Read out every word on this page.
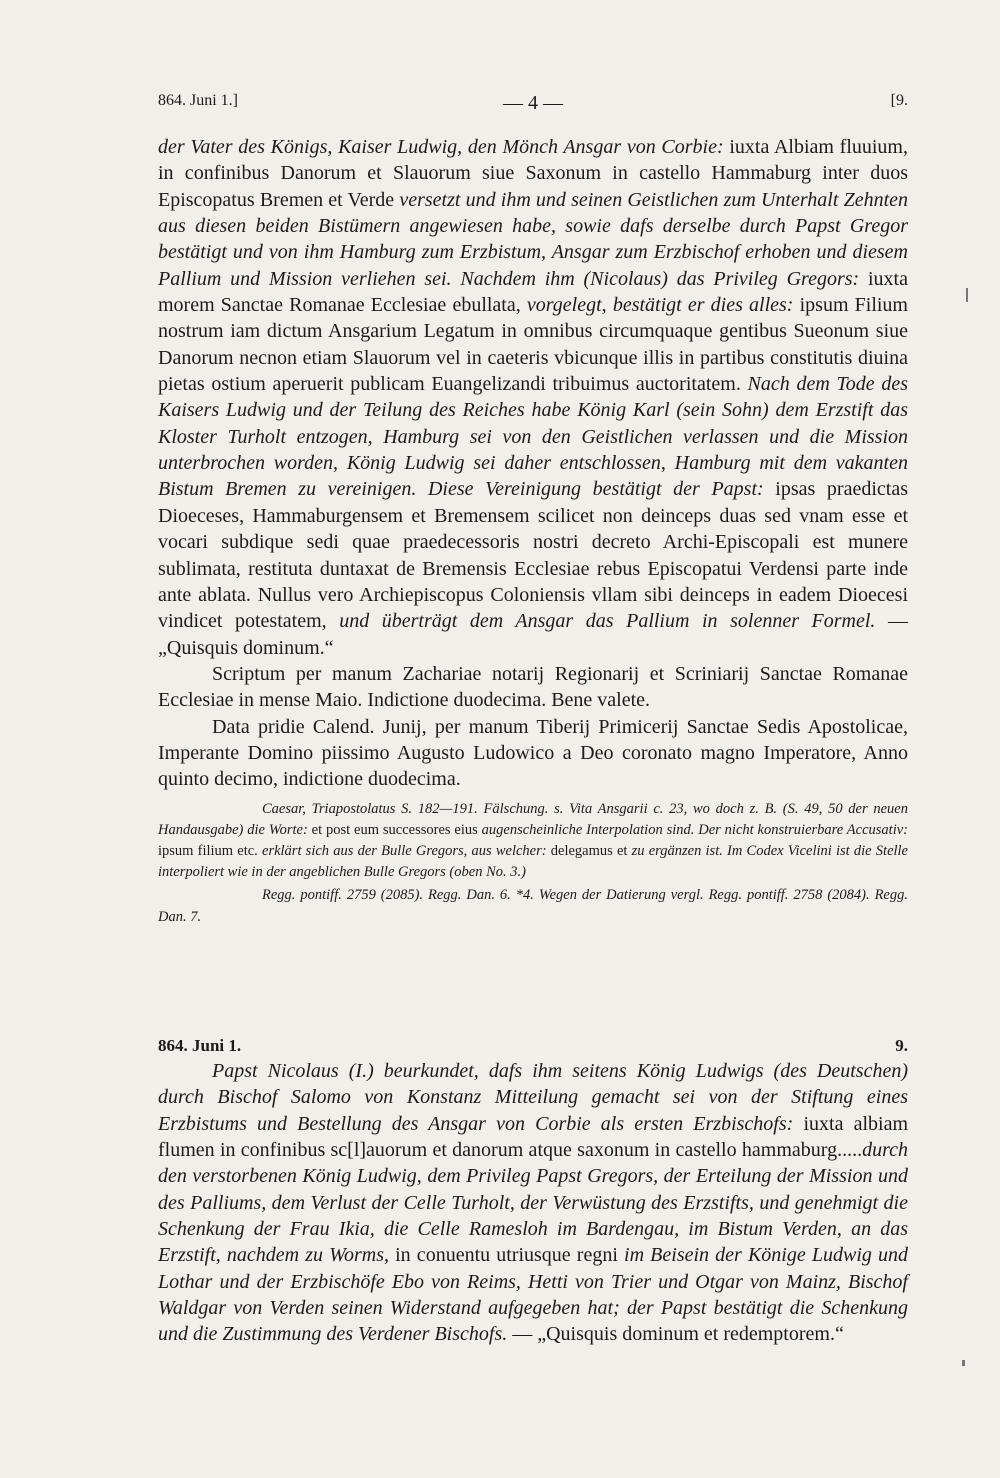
864. Juni 1.]	— 4 —	[9.

der Vater des Königs, Kaiser Ludwig, den Mönch Ansgar von Corbie: iuxta Albiam fluuium, in confinibus Danorum et Slauorum siue Saxonum in castello Hammaburg inter duos Episcopatus Bremen et Verde versetzt und ihm und seinen Geistlichen zum Unterhalt Zehnten aus diesen beiden Bistümern angewiesen habe, sowie dafs derselbe durch Papst Gregor bestätigt und von ihm Hamburg zum Erzbistum, Ansgar zum Erzbischof erhoben und diesem Pallium und Mission verliehen sei. Nachdem ihm (Nicolaus) das Privileg Gregors: iuxta morem Sanctae Romanae Ecclesiae ebullata, vorgelegt, bestätigt er dies alles: ipsum Filium nostrum iam dictum Ansgarium Legatum in omnibus circumquaque gentibus Sueonum siue Danorum necnon etiam Slauorum vel in caeteris vbicunque illis in partibus constitutis diuina pietas ostium aperuerit publicam Euangelizandi tribuimus auctoritatem. Nach dem Tode des Kaisers Ludwig und der Teilung des Reiches habe König Karl (sein Sohn) dem Erzstift das Kloster Turholt entzogen, Hamburg sei von den Geistlichen verlassen und die Mission unterbrochen worden, König Ludwig sei daher entschlossen, Hamburg mit dem vakanten Bistum Bremen zu vereinigen. Diese Vereinigung bestätigt der Papst: ipsas praedictas Dioeceses, Hammaburgensem et Bremensem scilicet non deinceps duas sed vnam esse et vocari subdique sedi quae praedecessoris nostri decreto Archi-Episcopali est munere sublimata, restituta duntaxat de Bremensis Ecclesiae rebus Episcopatui Verdensi parte inde ante ablata. Nullus vero Archiepiscopus Coloniensis vllam sibi deinceps in eadem Dioecesi vindicet potestatem, und überträgt dem Ansgar das Pallium in solenner Formel. — „Quisquis dominum.“

Scriptum per manum Zachariae notarij Regionarij et Scriniarij Sanctae Romanae Ecclesiae in mense Maio. Indictione duodecima. Bene valete.

Data pridie Calend. Junij, per manum Tiberij Primicerij Sanctae Sedis Apostolicae, Imperante Domino piissimo Augusto Ludowico a Deo coronato magno Imperatore, Anno quinto decimo, indictione duodecima.

Caesar, Triapostolatus S. 182—191. Fälschung. s. Vita Ansgarii c. 23, wo doch z. B. (S. 49, 50 der neuen Handausgabe) die Worte: et post eum successores eius augenscheinliche Interpolation sind. Der nicht konstruierbare Accusativ: ipsum filium etc. erklärt sich aus der Bulle Gregors, aus welcher: delegamus et zu ergänzen ist. Im Codex Vicelini ist die Stelle interpoliert wie in der angeblichen Bulle Gregors (oben No. 3.)

Regg. pontiff. 2759 (2085). Regg. Dan. 6. *4. Wegen der Datierung vergl. Regg. pontiff. 2758 (2084). Regg. Dan. 7.

864. Juni 1.	9.

Papst Nicolaus (I.) beurkundet, dafs ihm seitens König Ludwigs (des Deutschen) durch Bischof Salomo von Konstanz Mitteilung gemacht sei von der Stiftung eines Erzbistums und Bestellung des Ansgar von Corbie als ersten Erzbischofs: iuxta albiam flumen in confinibus sc[l]auorum et danorum atque saxonum in castello hammaburg.....durch den verstorbenen König Ludwig, dem Privileg Papst Gregors, der Erteilung der Mission und des Palliums, dem Verlust der Celle Turholt, der Verwüstung des Erzstifts, und genehmigt die Schenkung der Frau Ikia, die Celle Ramesloh im Bardengau, im Bistum Verden, an das Erzstift, nachdem zu Worms, in conuentu utriusque regni im Beisein der Könige Ludwig und Lothar und der Erzbischöfe Ebo von Reims, Hetti von Trier und Otgar von Mainz, Bischof Waldgar von Verden seinen Widerstand aufgegeben hat; der Papst bestätigt die Schenkung und die Zustimmung des Verdener Bischofs. — „Quisquis dominum et redemptorem.“
